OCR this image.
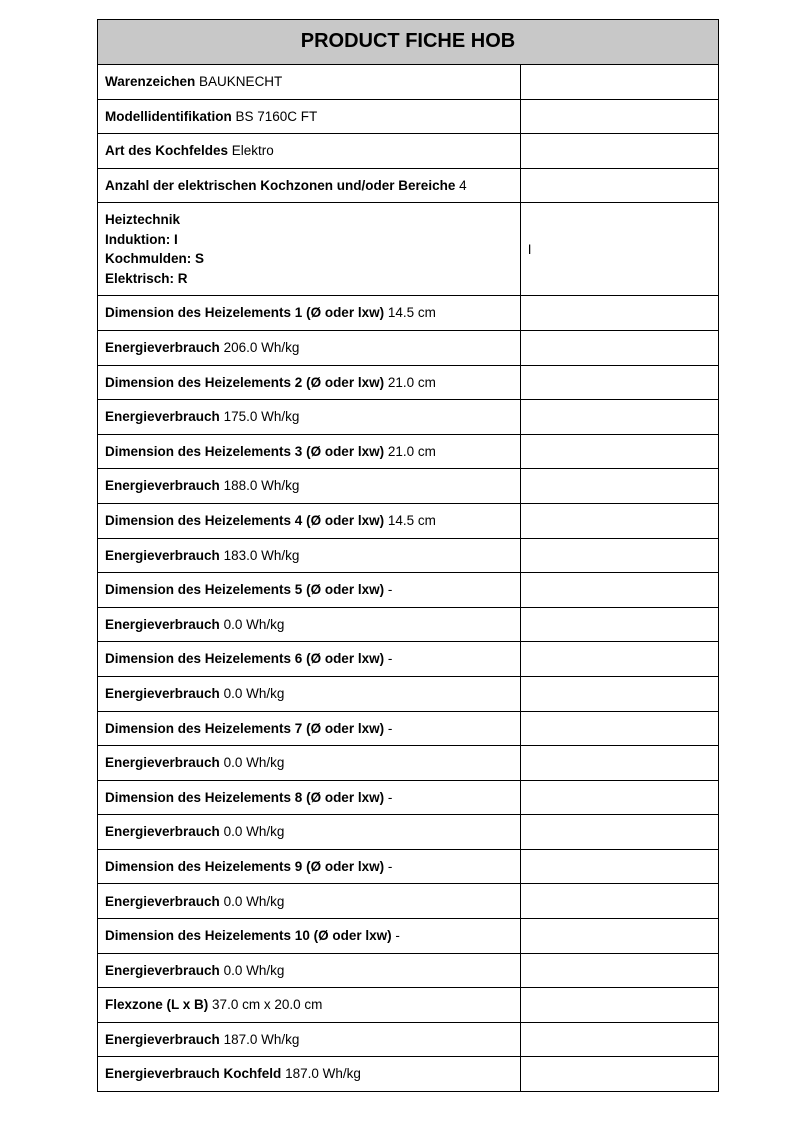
PRODUCT FICHE HOB	
Warenzeichen BAUKNECHT	
Modellidentifikation BS 7160C FT	
Art des Kochfeldes Elektro	
Anzahl der elektrischen Kochzonen und/oder Bereiche 4	

Heiztechnik
Induktion: I
Kochmulden: S
Elektrisch: R	I
Dimension des Heizelements 1 (Ø oder lxw) 14.5 cm	
Energieverbrauch 206.0 Wh/kg	
Dimension des Heizelements 2 (Ø oder lxw) 21.0 cm	
Energieverbrauch 175.0 Wh/kg	
Dimension des Heizelements 3 (Ø oder lxw) 21.0 cm	
Energieverbrauch 188.0 Wh/kg	
Dimension des Heizelements 4 (Ø oder lxw) 14.5 cm	
Energieverbrauch 183.0 Wh/kg	
Dimension des Heizelements 5 (Ø oder lxw) -	
Energieverbrauch 0.0 Wh/kg	
Dimension des Heizelements 6 (Ø oder lxw) -	
Energieverbrauch 0.0 Wh/kg	
Dimension des Heizelements 7 (Ø oder lxw) -	
Energieverbrauch 0.0 Wh/kg	
Dimension des Heizelements 8 (Ø oder lxw) -	
Energieverbrauch 0.0 Wh/kg	
Dimension des Heizelements 9 (Ø oder lxw) -	
Energieverbrauch 0.0 Wh/kg	
Dimension des Heizelements 10 (Ø oder lxw) -	
Energieverbrauch 0.0 Wh/kg	
Flexzone (L x B) 37.0 cm x 20.0 cm	
Energieverbrauch 187.0 Wh/kg	
Energieverbrauch Kochfeld 187.0 Wh/kg	
